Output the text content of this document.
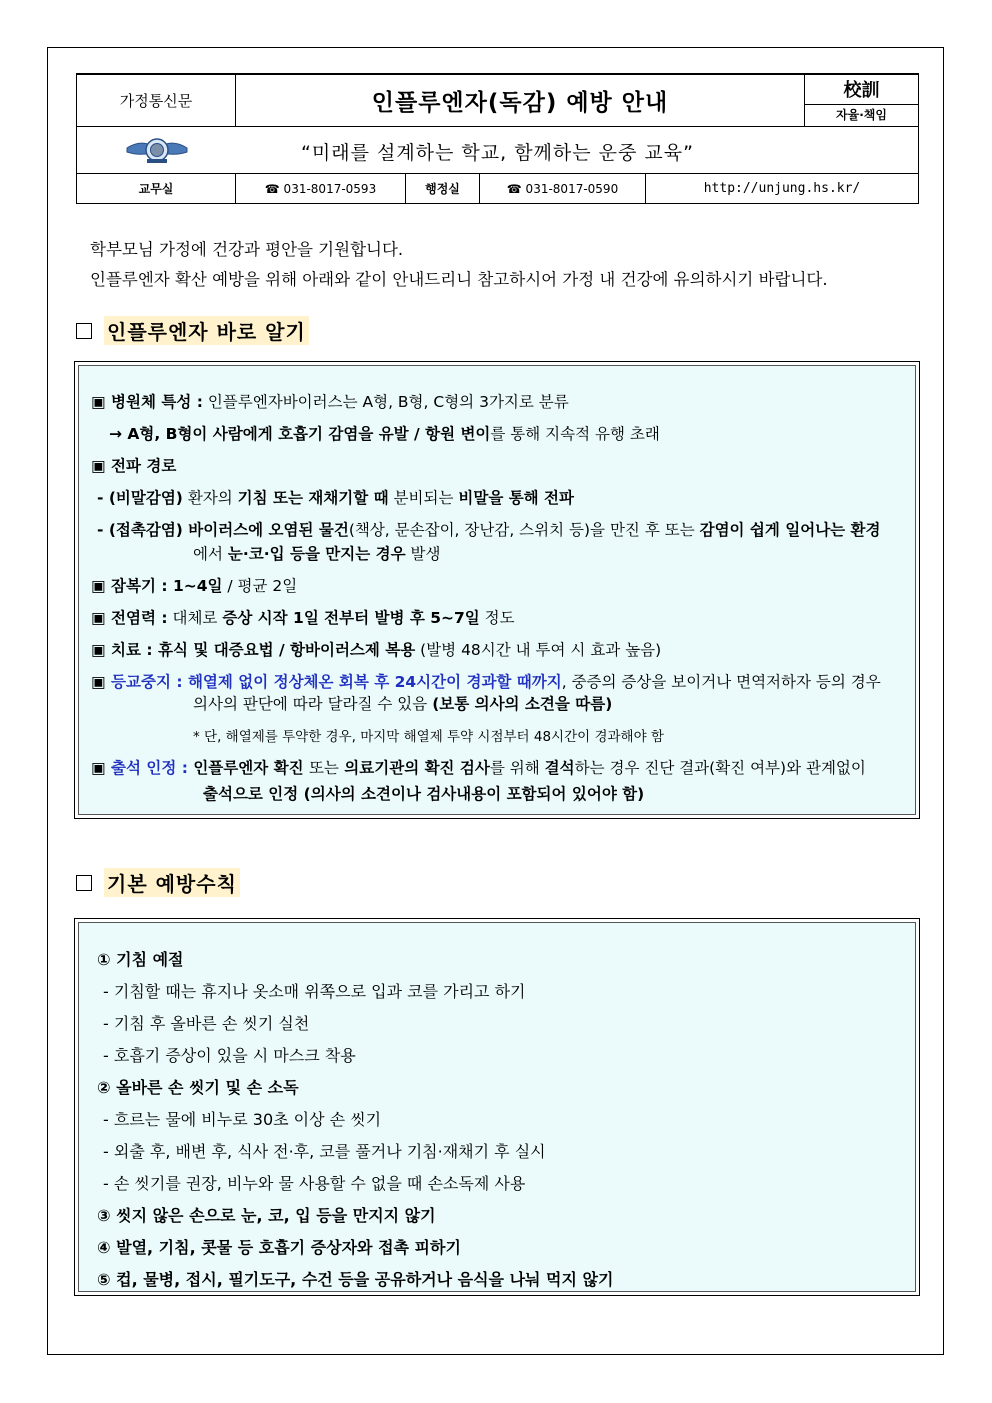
가정통신문	인플루엔자(독감) 예방 안내				校訓
자율·책임

“미래를 설계하는 학교, 함께하는 운중 교육”					

교무실	☎ 031-8017-0593	행정실	☎ 031-8017-0590	http://unjung.hs.kr/	
학부모님 가정에 건강과 평안을 기원합니다.
인플루엔자 확산 예방을 위해 아래와 같이 안내드리니 참고하시어 가정 내 건강에 유의하시기 바랍니다.
인플루엔자 바로 알기
▣ 병원체 특성 : 인플루엔자바이러스는 A형, B형, C형의 3가지로 분류
→ A형, B형이 사람에게 호흡기 감염을 유발 / 항원 변이를 통해 지속적 유행 초래
▣ 전파 경로
- (비말감염) 환자의 기침 또는 재채기할 때 분비되는 비말을 통해 전파
- (접촉감염) 바이러스에 오염된 물건(책상, 문손잡이, 장난감, 스위치 등)을 만진 후 또는 감염이 쉽게 일어나는 환경
에서 눈·코·입 등을 만지는 경우 발생
▣ 잠복기 : 1~4일 / 평균 2일
▣ 전염력 : 대체로 증상 시작 1일 전부터 발병 후 5~7일 정도
▣ 치료 : 휴식 및 대증요법 / 항바이러스제 복용 (발병 48시간 내 투여 시 효과 높음)
▣ 등교중지 : 해열제 없이 정상체온 회복 후 24시간이 경과할 때까지, 중증의 증상을 보이거나 면역저하자 등의 경우
의사의 판단에 따라 달라질 수 있음 (보통 의사의 소견을 따름)
* 단, 해열제를 투약한 경우, 마지막 해열제 투약 시점부터 48시간이 경과해야 함
▣ 출석 인정 : 인플루엔자 확진 또는 의료기관의 확진 검사를 위해 결석하는 경우 진단 결과(확진 여부)와 관계없이
출석으로 인정 (의사의 소견이나 검사내용이 포함되어 있어야 함)
기본 예방수칙
① 기침 예절
- 기침할 때는 휴지나 옷소매 위쪽으로 입과 코를 가리고 하기
- 기침 후 올바른 손 씻기 실천
- 호흡기 증상이 있을 시 마스크 착용
② 올바른 손 씻기 및 손 소독
- 흐르는 물에 비누로 30초 이상 손 씻기
- 외출 후, 배변 후, 식사 전·후, 코를 풀거나 기침·재채기 후 실시
- 손 씻기를 권장, 비누와 물 사용할 수 없을 때 손소독제 사용
③ 씻지 않은 손으로 눈, 코, 입 등을 만지지 않기
④ 발열, 기침, 콧물 등 호흡기 증상자와 접촉 피하기
⑤ 컵, 물병, 접시, 필기도구, 수건 등을 공유하거나 음식을 나눠 먹지 않기
